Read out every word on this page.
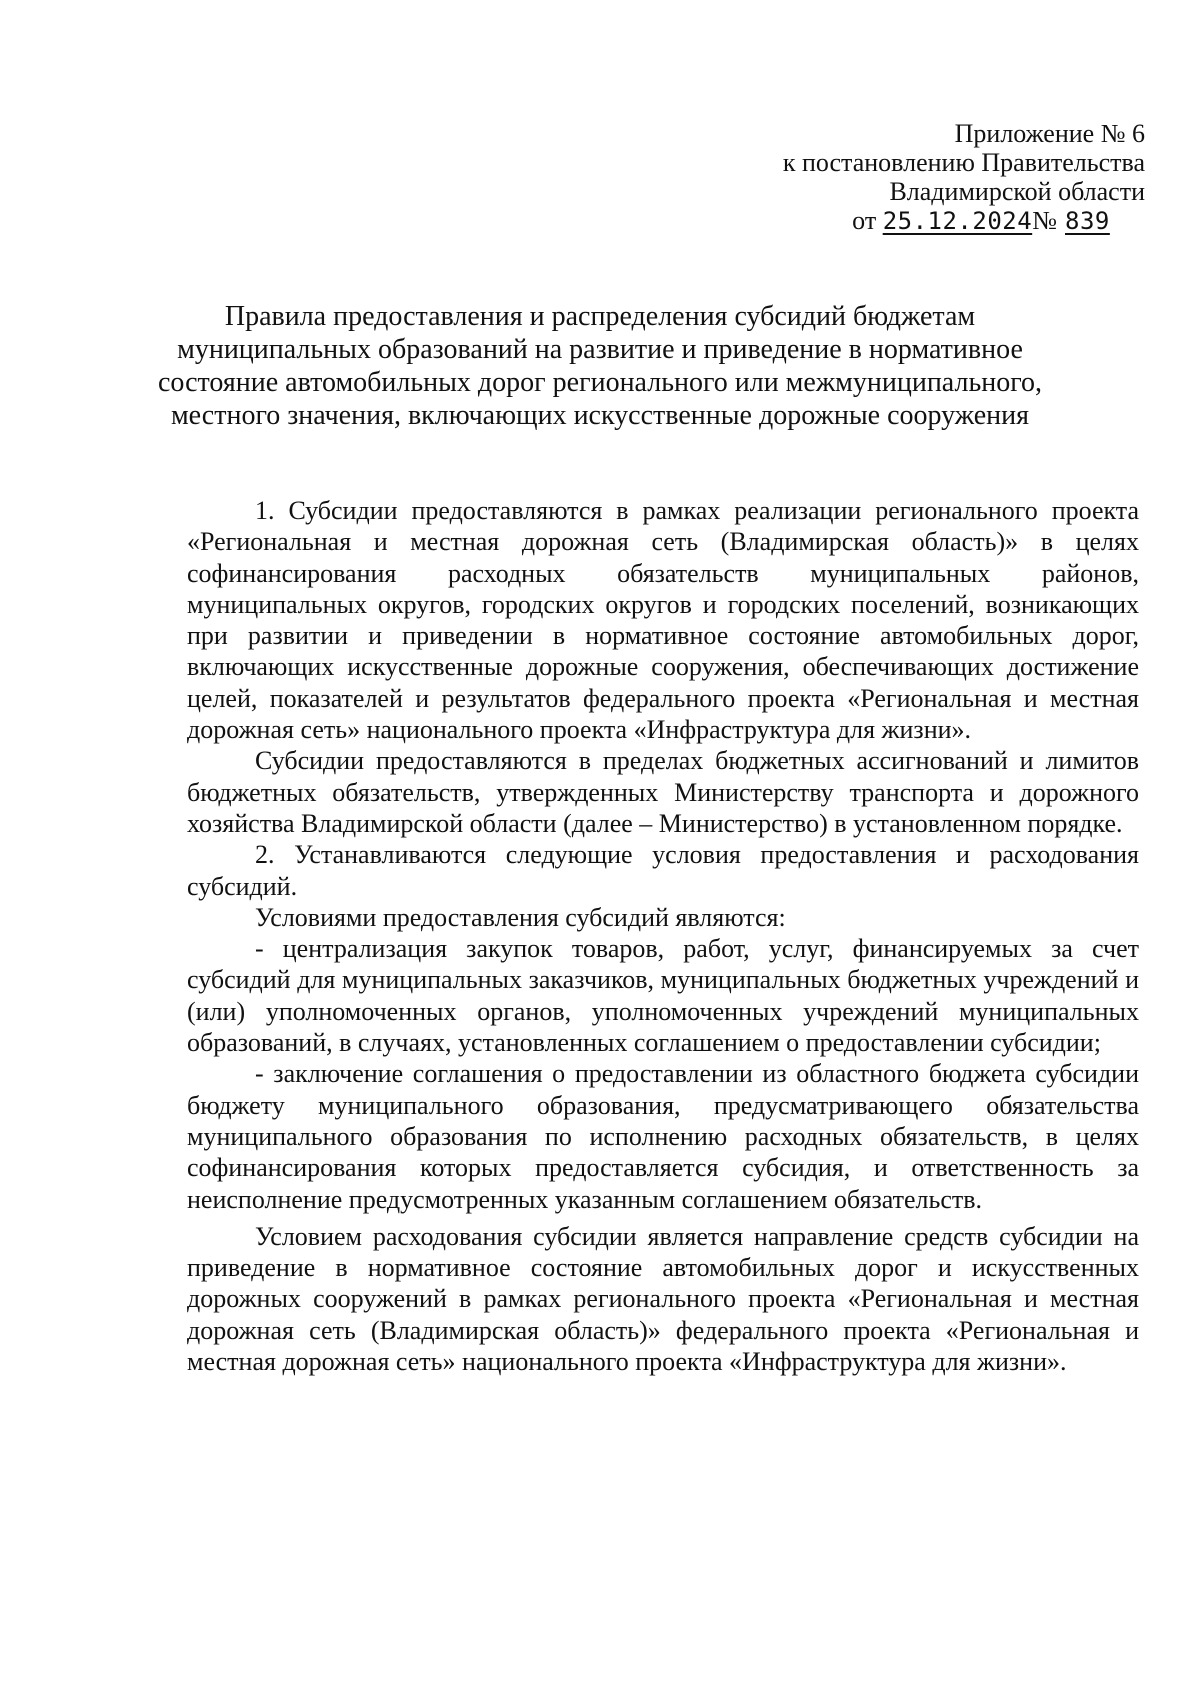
Приложение № 6
к постановлению Правительства
Владимирской области
от 25.12.2024№ 839
Правила предоставления и распределения субсидий бюджетам муниципальных образований на развитие и приведение в нормативное состояние автомобильных дорог регионального или межмуниципального, местного значения, включающих искусственные дорожные сооружения

1. Субсидии предоставляются в рамках реализации регионального проекта «Региональная и местная дорожная сеть (Владимирская область)» в целях софинансирования расходных обязательств муниципальных районов, муниципальных округов, городских округов и городских поселений, возникающих при развитии и приведении в нормативное состояние автомобильных дорог, включающих искусственные дорожные сооружения, обеспечивающих достижение целей, показателей и результатов федерального проекта «Региональная и местная дорожная сеть» национального проекта «Инфраструктура для жизни».

Субсидии предоставляются в пределах бюджетных ассигнований и лимитов бюджетных обязательств, утвержденных Министерству транспорта и дорожного хозяйства Владимирской области (далее – Министерство) в установленном порядке.

2. Устанавливаются следующие условия предоставления и расходования субсидий.

Условиями предоставления субсидий являются:

- централизация закупок товаров, работ, услуг, финансируемых за счет субсидий для муниципальных заказчиков, муниципальных бюджетных учреждений и (или) уполномоченных органов, уполномоченных учреждений муниципальных образований, в случаях, установленных соглашением о предоставлении субсидии;

- заключение соглашения о предоставлении из областного бюджета субсидии бюджету муниципального образования, предусматривающего обязательства муниципального образования по исполнению расходных обязательств, в целях софинансирования которых предоставляется субсидия, и ответственность за неисполнение предусмотренных указанным соглашением обязательств.

Условием расходования субсидии является направление средств субсидии на приведение в нормативное состояние автомобильных дорог и искусственных дорожных сооружений в рамках регионального проекта «Региональная и местная дорожная сеть (Владимирская область)» федерального проекта «Региональная и местная дорожная сеть» национального проекта «Инфраструктура для жизни».
